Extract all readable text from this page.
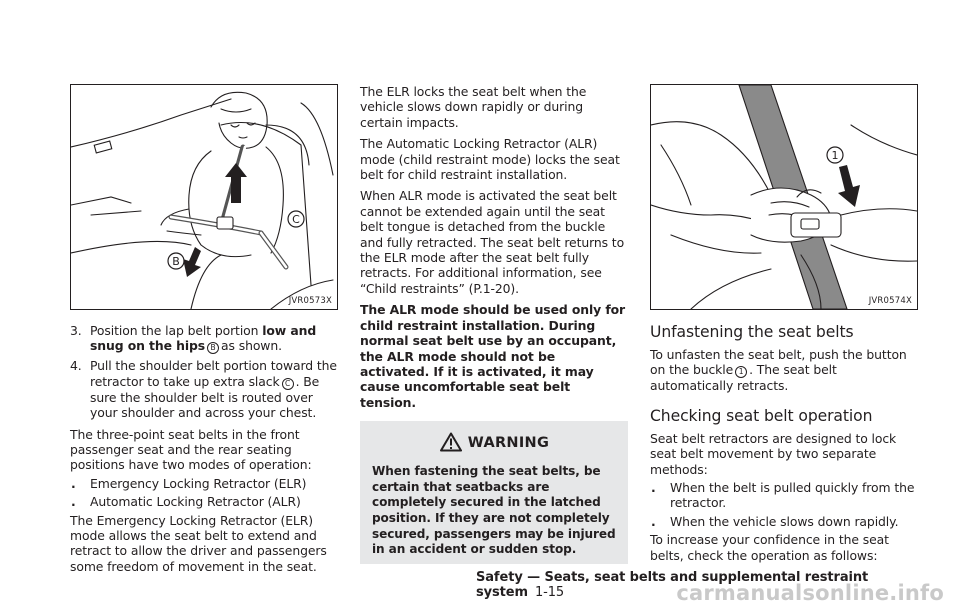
B
C
JVR0573X
3. Position the lap belt portion low and snug on the hips B as shown.
4. Pull the shoulder belt portion toward the retractor to take up extra slack C . Be sure the shoulder belt is routed over your shoulder and across your chest.

The three-point seat belts in the front passenger seat and the rear seating positions have two modes of operation:

. Emergency Locking Retractor (ELR)
. Automatic Locking Retractor (ALR)

The Emergency Locking Retractor (ELR) mode allows the seat belt to extend and retract to allow the driver and passengers some freedom of movement in the seat.

The ELR locks the seat belt when the vehicle slows down rapidly or during certain impacts.

The Automatic Locking Retractor (ALR) mode (child restraint mode) locks the seat belt for child restraint installation.

When ALR mode is activated the seat belt cannot be extended again until the seat belt tongue is detached from the buckle and fully retracted. The seat belt returns to the ELR mode after the seat belt fully retracts. For additional information, see “Child restraints” (P.1-20).

The ALR mode should be used only for child restraint installation. During normal seat belt use by an occupant, the ALR mode should not be activated. If it is activated, it may cause uncomfortable seat belt tension.

WARNING

When fastening the seat belts, be certain that seatbacks are completely secured in the latched position. If they are not completely secured, passengers may be injured in an accident or sudden stop.

1
JVR0574X
Unfastening the seat belts

To unfasten the seat belt, push the button on the buckle 1 . The seat belt automatically retracts.

Checking seat belt operation

Seat belt retractors are designed to lock seat belt movement by two separate methods:

. When the belt is pulled quickly from the retractor.
. When the vehicle slows down rapidly.

To increase your confidence in the seat belts, check the operation as follows:

Safety — Seats, seat belts and supplemental restraint system 1-15	carmanualsonline.info
